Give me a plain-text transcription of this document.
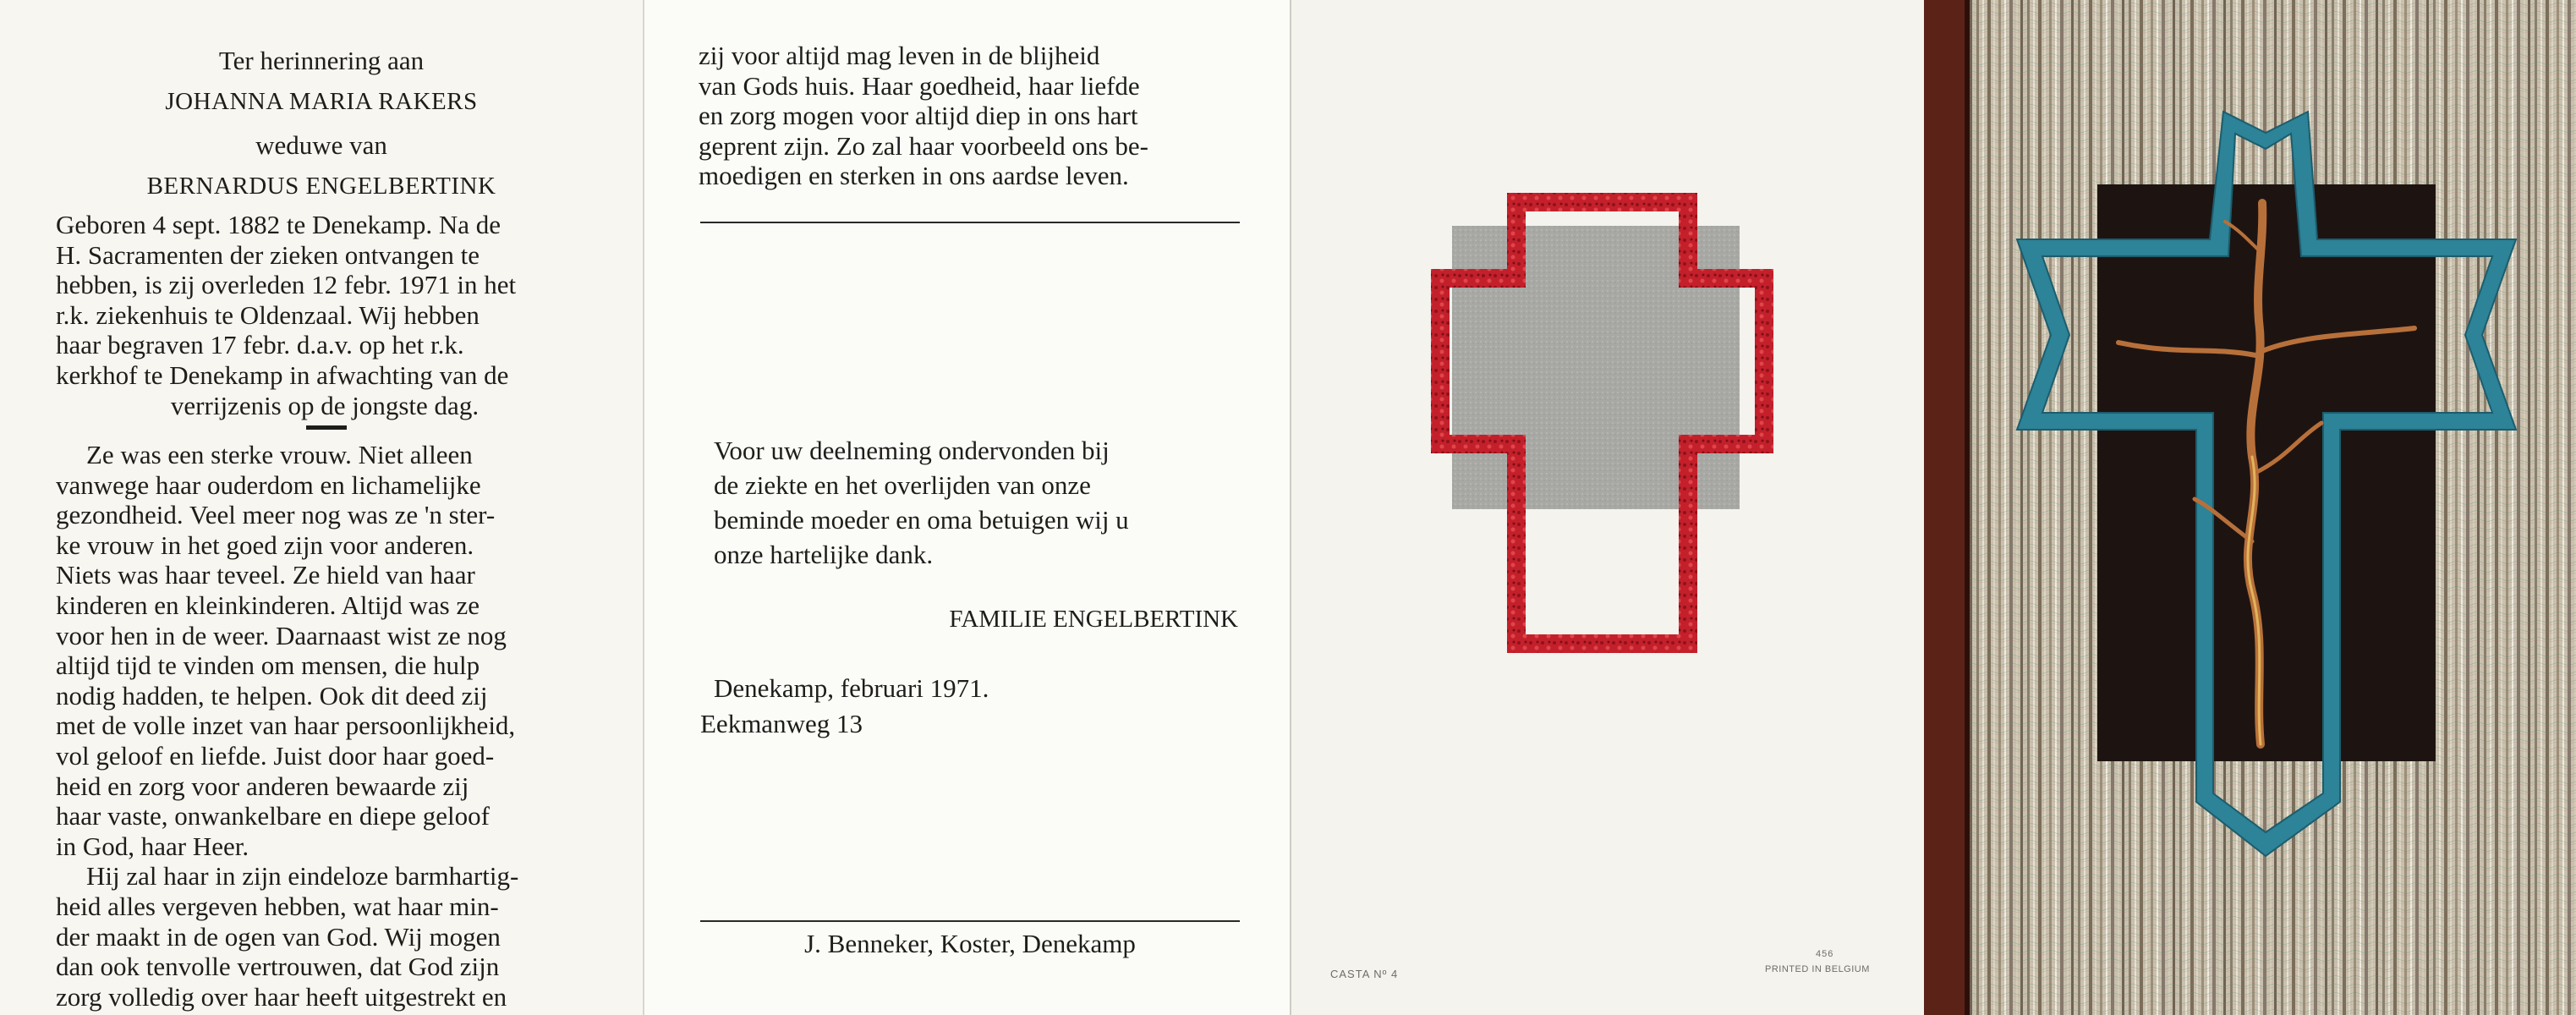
Ter herinnering aan
JOHANNA MARIA RAKERS
weduwe van
BERNARDUS ENGELBERTINK
Geboren 4 sept. 1882 te Denekamp. Na de
H. Sacramenten der zieken ontvangen te
hebben, is zij overleden 12 febr. 1971 in het
r.k. ziekenhuis te Oldenzaal. Wij hebben
haar begraven 17 febr. d.a.v. op het r.k.
kerkhof te Denekamp in afwachting van de
verrijzenis op de jongste dag.
Ze was een sterke vrouw. Niet alleen
vanwege haar ouderdom en lichamelijke
gezondheid. Veel meer nog was ze 'n ster-
ke vrouw in het goed zijn voor anderen.
Niets was haar teveel. Ze hield van haar
kinderen en kleinkinderen. Altijd was ze
voor hen in de weer. Daarnaast wist ze nog
altijd tijd te vinden om mensen, die hulp
nodig hadden, te helpen. Ook dit deed zij
met de volle inzet van haar persoonlijkheid,
vol geloof en liefde. Juist door haar goed-
heid en zorg voor anderen bewaarde zij
haar vaste, onwankelbare en diepe geloof
in God, haar Heer.
Hij zal haar in zijn eindeloze barmhartig-
heid alles vergeven hebben, wat haar min-
der maakt in de ogen van God. Wij mogen
dan ook tenvolle vertrouwen, dat God zijn
zorg volledig over haar heeft uitgestrekt en
zij voor altijd mag leven in de blijheid
van Gods huis. Haar goedheid, haar liefde
en zorg mogen voor altijd diep in ons hart
geprent zijn. Zo zal haar voorbeeld ons be-
moedigen en sterken in ons aardse leven.
Voor uw deelneming ondervonden bij
de ziekte en het overlijden van onze
beminde moeder en oma betuigen wij u
onze hartelijke dank.
FAMILIE ENGELBERTINK
Denekamp, februari 1971.
Eekmanweg 13
J. Benneker, Koster, Denekamp
CASTA Nº 4
456
PRINTED IN BELGIUM
